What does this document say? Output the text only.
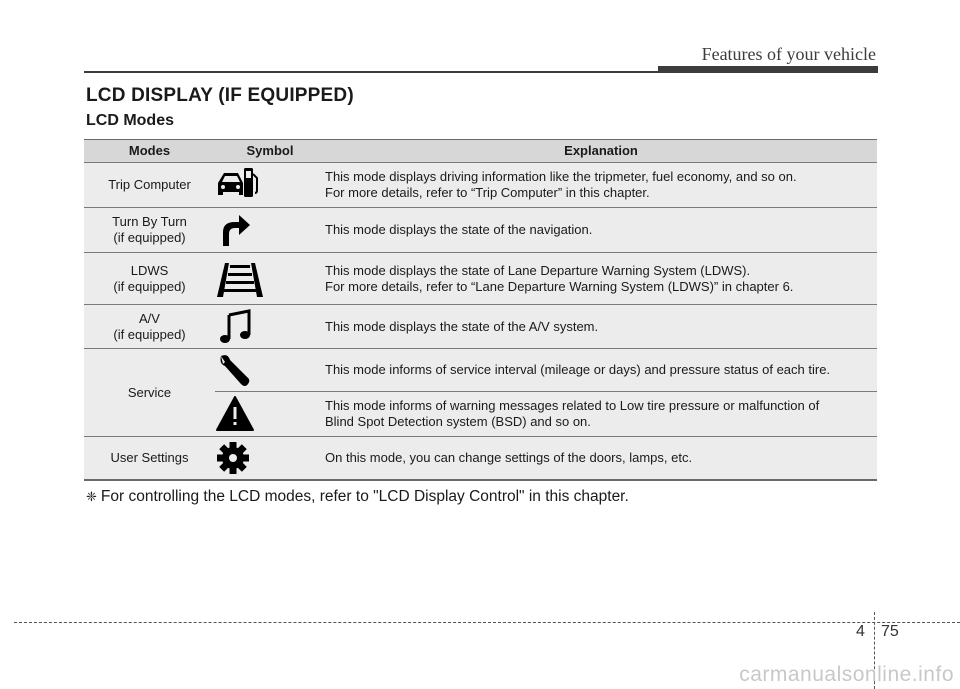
Features of your vehicle
LCD DISPLAY (IF EQUIPPED)
LCD Modes
Modes	Symbol	Explanation

Trip Computer		This mode displays driving information like the tripmeter, fuel economy, and so on.
For more details, refer to “Trip Computer” in this chapter.

Turn By Turn
(if equipped)		This mode displays the state of the navigation.

LDWS
(if equipped)		This mode displays the state of Lane Departure Warning System (LDWS).
For more details, refer to “Lane Departure Warning System (LDWS)” in chapter 6.

A/V
(if equipped)		This mode displays the state of the A/V system.

Service		This mode informs of service interval (mileage or days) and pressure status of each tire.

This mode informs of warning messages related to Low tire pressure or malfunction of
Blind Spot Detection system (BSD) and so on.

User Settings		On this mode, you can change settings of the doors, lamps, etc.
❈ For controlling the LCD modes, refer to "LCD Display Control" in this chapter.
4 75
carmanualsonline.info
